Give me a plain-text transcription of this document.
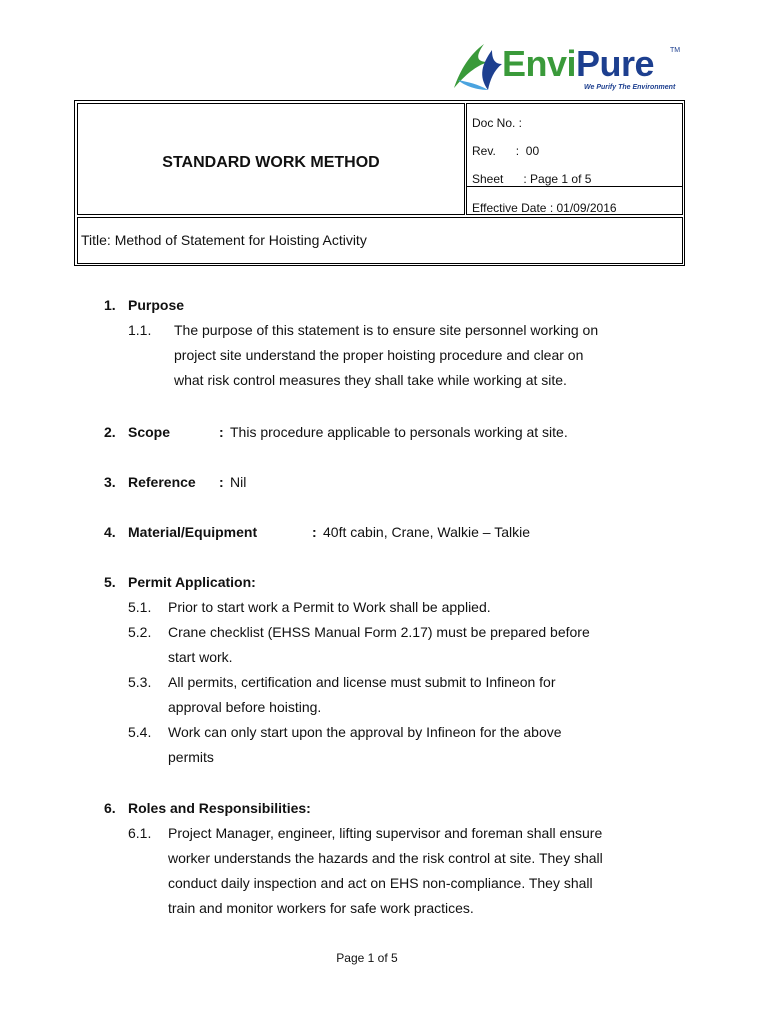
EnviPure TM
We Purify The Environment
STANDARD WORK METHOD
Doc No. :
Rev.      :  00
Sheet      : Page 1 of 5
Effective Date : 01/09/2016
Title: Method of Statement for Hoisting Activity
1. Purpose
1.1. The purpose of this statement is to ensure site personnel working on
project site understand the proper hoisting procedure and clear on
what risk control measures they shall take while working at site.
2. Scope	: This procedure applicable to personals working at site.
3. Reference : Nil
4. Material/Equipment	: 40ft cabin, Crane, Walkie – Talkie
5. Permit Application:
5.1. Prior to start work a Permit to Work shall be applied.
5.2. Crane checklist (EHSS Manual Form 2.17) must be prepared before
start work.
5.3. All permits, certification and license must submit to Infineon for
approval before hoisting.
5.4. Work can only start upon the approval by Infineon for the above
permits
6. Roles and Responsibilities:
6.1. Project Manager, engineer, lifting supervisor and foreman shall ensure
worker understands the hazards and the risk control at site. They shall
conduct daily inspection and act on EHS non-compliance. They shall
train and monitor workers for safe work practices.
Page 1 of 5
